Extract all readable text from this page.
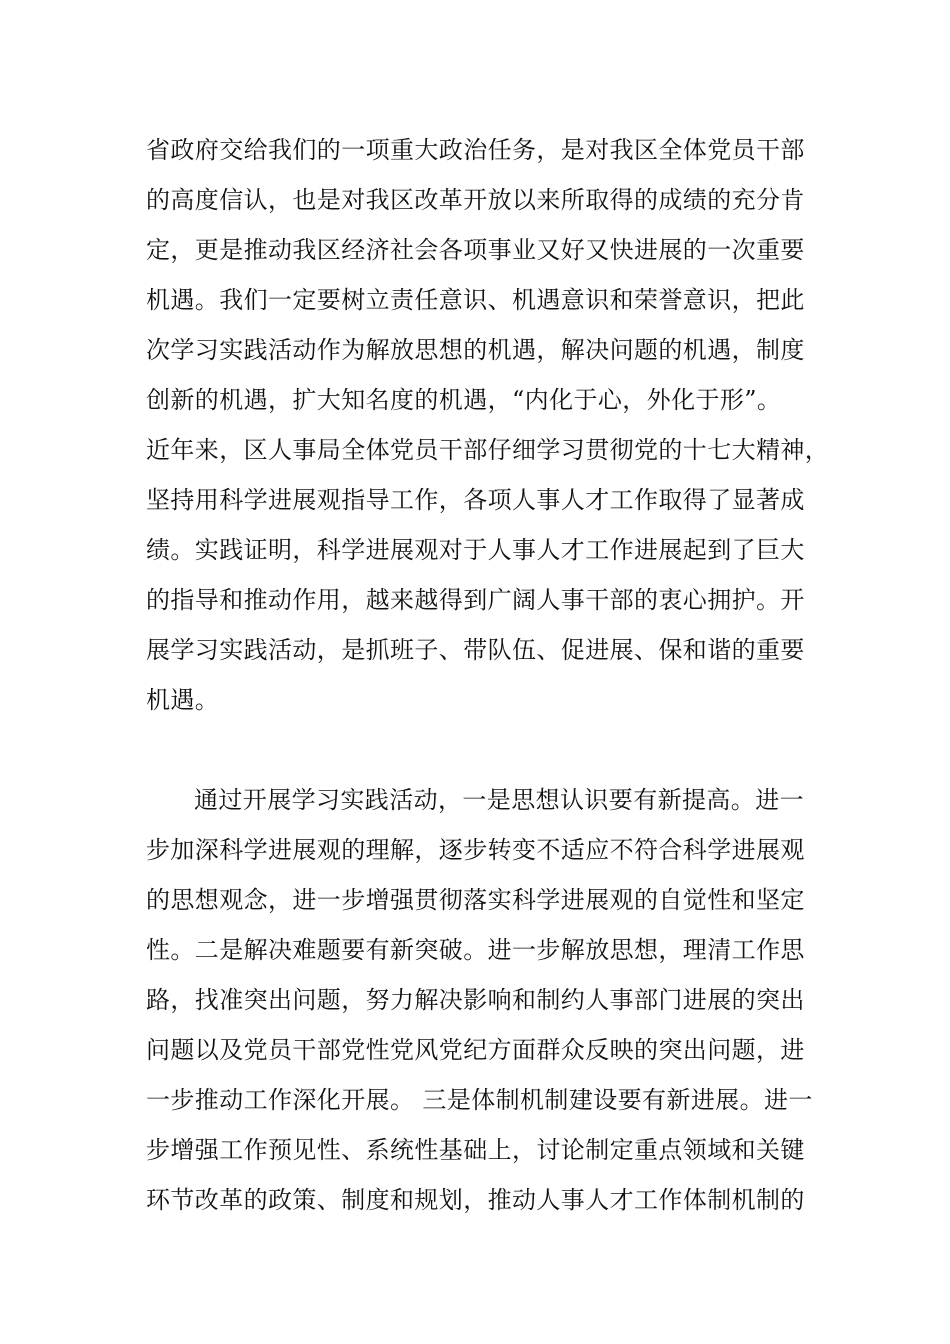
省政府交给我们的一项重大政治任务，是对我区全体党员干部
的高度信认，也是对我区改革开放以来所取得的成绩的充分肯
定，更是推动我区经济社会各项事业又好又快进展的一次重要
机遇。我们一定要树立责任意识、机遇意识和荣誉意识，把此
次学习实践活动作为解放思想的机遇，解决问题的机遇，制度
创新的机遇，扩大知名度的机遇，“内化于心，外化于形”。
近年来，区人事局全体党员干部仔细学习贯彻党的十七大精神，
坚持用科学进展观指导工作，各项人事人才工作取得了显著成
绩。实践证明，科学进展观对于人事人才工作进展起到了巨大
的指导和推动作用，越来越得到广阔人事干部的衷心拥护。开
展学习实践活动，是抓班子、带队伍、促进展、保和谐的重要
机遇。
通过开展学习实践活动，一是思想认识要有新提高。进一
步加深科学进展观的理解，逐步转变不适应不符合科学进展观
的思想观念，进一步增强贯彻落实科学进展观的自觉性和坚定
性。二是解决难题要有新突破。进一步解放思想，理清工作思
路，找准突出问题，努力解决影响和制约人事部门进展的突出
问题以及党员干部党性党风党纪方面群众反映的突出问题，进
一步推动工作深化开展。 三是体制机制建设要有新进展。进一
步增强工作预见性、系统性基础上，讨论制定重点领域和关键
环节改革的政策、制度和规划，推动人事人才工作体制机制的
